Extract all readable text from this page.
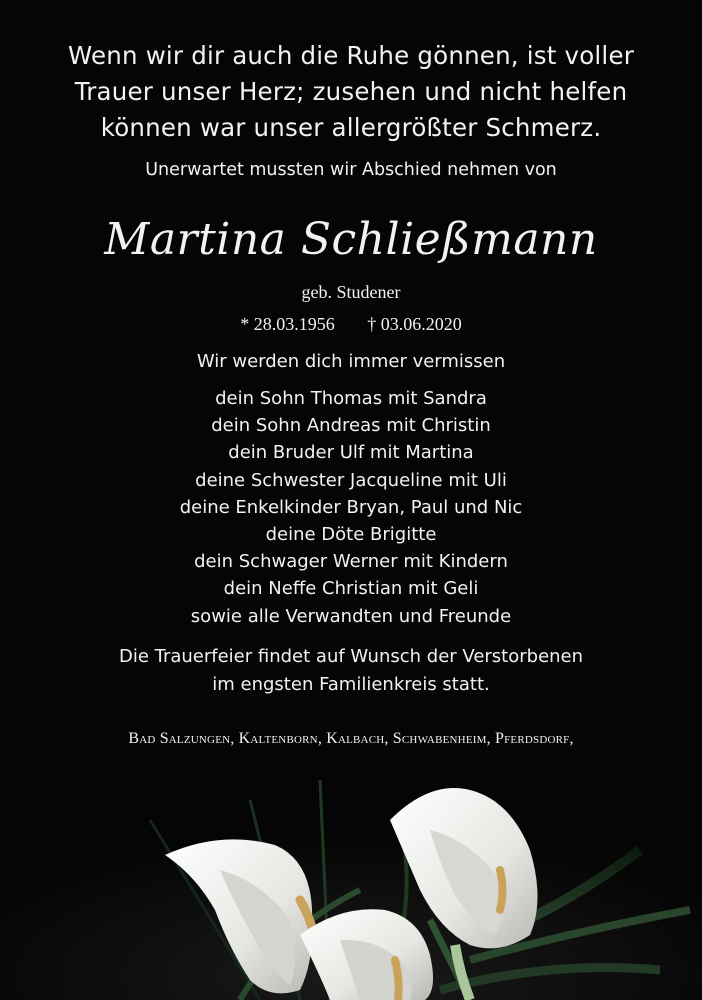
Wenn wir dir auch die Ruhe gönnen, ist voller
Trauer unser Herz; zusehen und nicht helfen
können war unser allergrößter Schmerz.
Unerwartet mussten wir Abschied nehmen von
Martina Schließmann
geb. Studener
* 28.03.1956 † 03.06.2020
Wir werden dich immer vermissen
dein Sohn Thomas mit Sandra
dein Sohn Andreas mit Christin
dein Bruder Ulf mit Martina
deine Schwester Jacqueline mit Uli
deine Enkelkinder Bryan, Paul und Nic
deine Döte Brigitte
dein Schwager Werner mit Kindern
dein Neffe Christian mit Geli
sowie alle Verwandten und Freunde
Die Trauerfeier findet auf Wunsch der Verstorbenen
im engsten Familienkreis statt.
Bad Salzungen, Kaltenborn, Kalbach, Schwabenheim, Pferdsdorf,
